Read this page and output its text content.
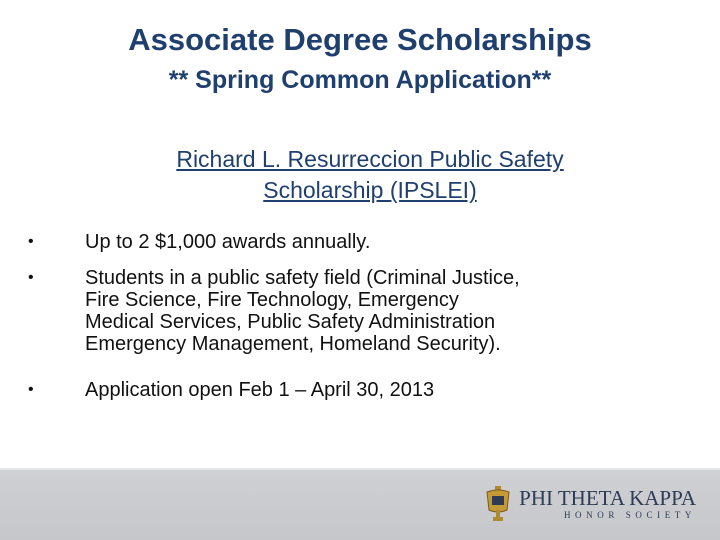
Associate Degree Scholarships
** Spring Common Application**
Richard L. Resurreccion Public Safety
Scholarship (IPSLEI)
•	Up to 2 $1,000 awards annually.
•	Students in a public safety field (Criminal Justice,
Fire Science, Fire Technology, Emergency
Medical Services, Public Safety Administration
Emergency Management, Homeland Security).
•	Application open Feb 1 – April 30, 2013
PHI THETA KAPPA
HONOR SOCIETY
